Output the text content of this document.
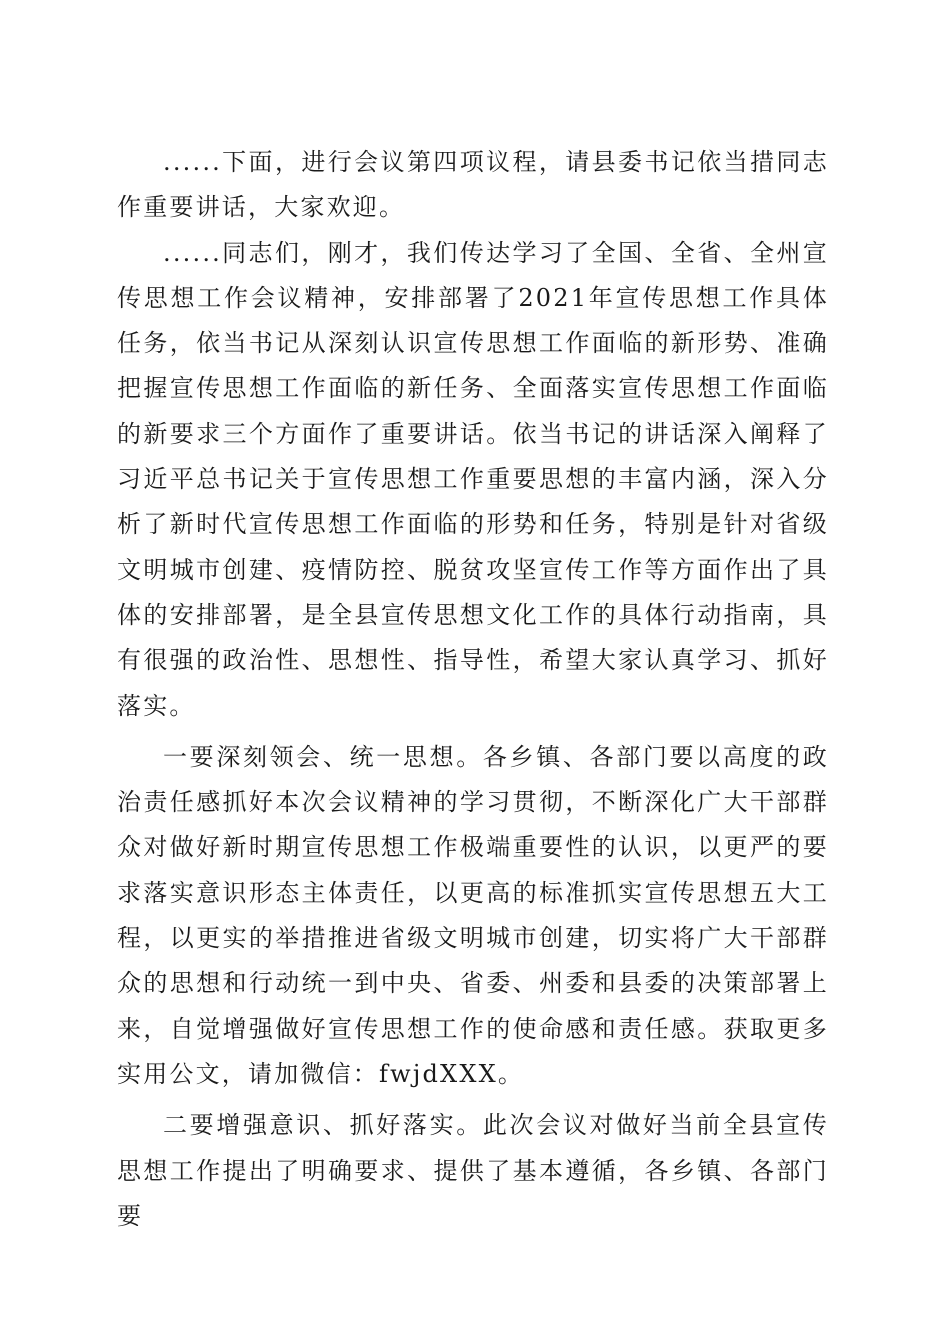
......下面，进行会议第四项议程，请县委书记依当措同志作重要讲话，大家欢迎。

......同志们，刚才，我们传达学习了全国、全省、全州宣传思想工作会议精神，安排部署了2021年宣传思想工作具体任务，依当书记从深刻认识宣传思想工作面临的新形势、准确把握宣传思想工作面临的新任务、全面落实宣传思想工作面临的新要求三个方面作了重要讲话。依当书记的讲话深入阐释了习近平总书记关于宣传思想工作重要思想的丰富内涵，深入分析了新时代宣传思想工作面临的形势和任务，特别是针对省级文明城市创建、疫情防控、脱贫攻坚宣传工作等方面作出了具体的安排部署，是全县宣传思想文化工作的具体行动指南，具有很强的政治性、思想性、指导性，希望大家认真学习、抓好落实。

一要深刻领会、统一思想。各乡镇、各部门要以高度的政治责任感抓好本次会议精神的学习贯彻，不断深化广大干部群众对做好新时期宣传思想工作极端重要性的认识，以更严的要求落实意识形态主体责任，以更高的标准抓实宣传思想五大工程，以更实的举措推进省级文明城市创建，切实将广大干部群众的思想和行动统一到中央、省委、州委和县委的决策部署上来，自觉增强做好宣传思想工作的使命感和责任感。获取更多实用公文，请加微信：fwjdXXX。

二要增强意识、抓好落实。此次会议对做好当前全县宣传思想工作提出了明确要求、提供了基本遵循，各乡镇、各部门要
